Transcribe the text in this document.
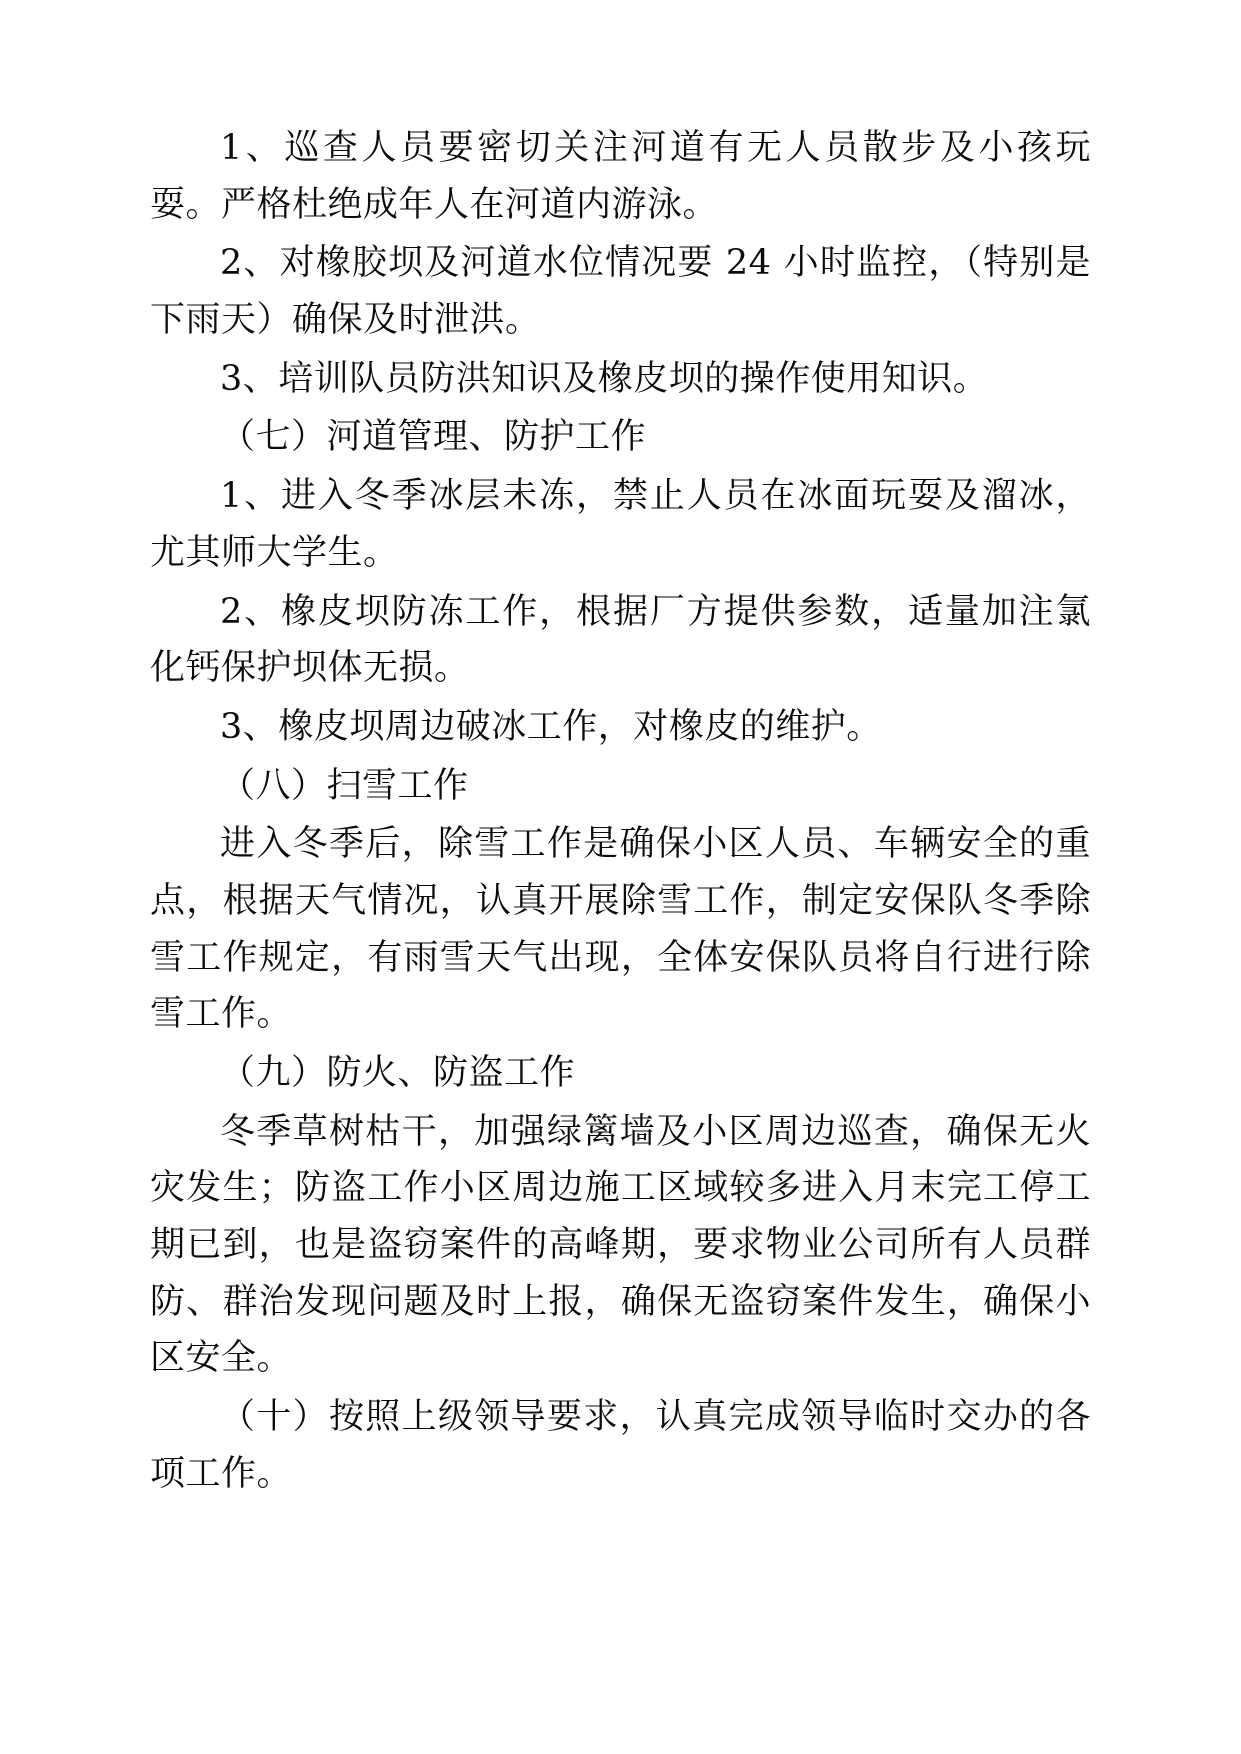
1、巡查人员要密切关注河道有无人员散步及小孩玩耍。严格杜绝成年人在河道内游泳。

2、对橡胶坝及河道水位情况要 24 小时监控，（特别是下雨天）确保及时泄洪。

3、培训队员防洪知识及橡皮坝的操作使用知识。

（七）河道管理、防护工作

1、进入冬季冰层未冻，禁止人员在冰面玩耍及溜冰，尤其师大学生。

2、橡皮坝防冻工作，根据厂方提供参数，适量加注氯化钙保护坝体无损。

3、橡皮坝周边破冰工作，对橡皮的维护。

（八）扫雪工作

进入冬季后，除雪工作是确保小区人员、车辆安全的重点，根据天气情况，认真开展除雪工作，制定安保队冬季除雪工作规定，有雨雪天气出现，全体安保队员将自行进行除雪工作。

（九）防火、防盗工作

冬季草树枯干，加强绿篱墙及小区周边巡查，确保无火灾发生；防盗工作小区周边施工区域较多进入月末完工停工期已到，也是盗窃案件的高峰期，要求物业公司所有人员群防、群治发现问题及时上报，确保无盗窃案件发生，确保小区安全。

（十）按照上级领导要求，认真完成领导临时交办的各项工作。
